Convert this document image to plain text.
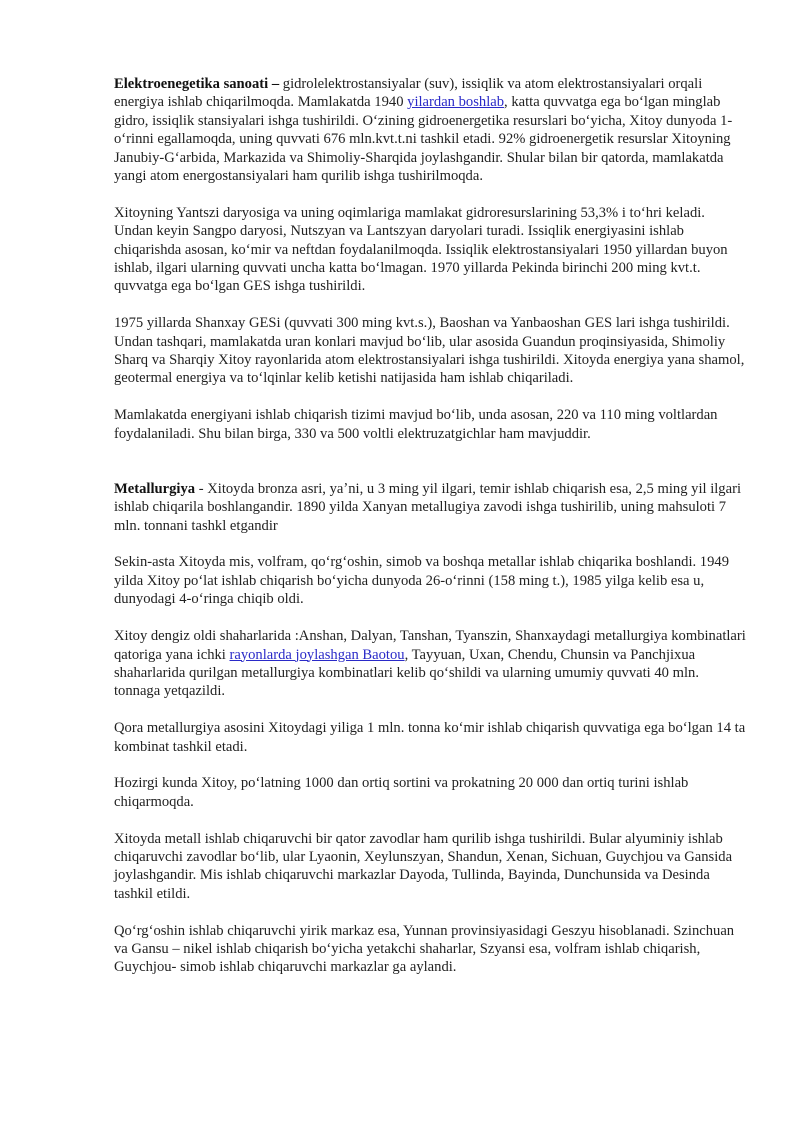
Elektroenegetika sanoati – gidrolelektrostansiyalar (suv), issiqlik va atom elektrostansiyalari orqali energiya ishlab chiqarilmoqda. Mamlakatda 1940 yilardan boshlab, katta quvvatga ega boʻlgan minglab gidro, issiqlik stansiyalari ishga tushirildi. Oʻzining gidroenergetika resurslari boʻyicha, Xitoy dunyoda 1-oʻrinni egallamoqda, uning quvvati 676 mln.kvt.t.ni tashkil etadi. 92% gidroenergetik resurslar Xitoyning Janubiy-Gʻarbida, Markazida va Shimoliy-Sharqida joylashgandir. Shular bilan bir qatorda, mamlakatda yangi atom energostansiyalari ham qurilib ishga tushirilmoqda.

Xitoyning Yantszi daryosiga va uning oqimlariga mamlakat gidroresurslarining 53,3% i toʻhri keladi. Undan keyin Sangpo daryosi, Nutszyan va Lantszyan daryolari turadi. Issiqlik energiyasini ishlab chiqarishda asosan, koʻmir va neftdan foydalanilmoqda. Issiqlik elektrostansiyalari 1950 yillardan buyon ishlab, ilgari ularning quvvati uncha katta boʻlmagan. 1970 yillarda Pekinda birinchi 200 ming kvt.t. quvvatga ega boʻlgan GES ishga tushirildi.

1975 yillarda Shanxay GESi (quvvati 300 ming kvt.s.), Baoshan va Yanbaoshan GES lari ishga tushirildi. Undan tashqari, mamlakatda uran konlari mavjud boʻlib, ular asosida Guandun proqinsiyasida, Shimoliy Sharq va Sharqiy Xitoy rayonlarida atom elektrostansiyalari ishga tushirildi. Xitoyda energiya yana shamol, geotermal energiya va toʻlqinlar kelib ketishi natijasida ham ishlab chiqariladi.

Mamlakatda energiyani ishlab chiqarish tizimi mavjud boʻlib, unda asosan, 220 va 110 ming voltlardan foydalaniladi. Shu bilan birga, 330 va 500 voltli elektruzatgichlar ham mavjuddir.

Metallurgiya - Xitoyda bronza asri, yaʼni, u 3 ming yil ilgari, temir ishlab chiqarish esa, 2,5 ming yil ilgari ishlab chiqarila boshlangandir. 1890 yilda Xanyan metallugiya zavodi ishga tushirilib, uning mahsuloti 7 mln. tonnani tashkl etgandir

Sekin-asta Xitoyda mis, volfram, qoʻrgʻoshin, simob va boshqa metallar ishlab chiqarika boshlandi. 1949 yilda Xitoy poʻlat ishlab chiqarish boʻyicha dunyoda 26-oʻrinni (158 ming t.), 1985 yilga kelib esa u, dunyodagi 4-oʻringa chiqib oldi.

Xitoy dengiz oldi shaharlarida :Anshan, Dalyan, Tanshan, Tyanszin, Shanxaydagi metallurgiya kombinatlari qatoriga yana ichki rayonlarda joylashgan Baotou, Tayyuan, Uxan, Chendu, Chunsin va Panchjixua shaharlarida qurilgan metallurgiya kombinatlari kelib qoʻshildi va ularning umumiy quvvati 40 mln. tonnaga yetqazildi.

Qora metallurgiya asosini Xitoydagi yiliga 1 mln. tonna koʻmir ishlab chiqarish quvvatiga ega boʻlgan 14 ta kombinat tashkil etadi.

Hozirgi kunda Xitoy, poʻlatning 1000 dan ortiq sortini va prokatning 20 000 dan ortiq turini ishlab chiqarmoqda.

Xitoyda metall ishlab chiqaruvchi bir qator zavodlar ham qurilib ishga tushirildi. Bular alyuminiy ishlab chiqaruvchi zavodlar boʻlib, ular Lyaonin, Xeylunszyan, Shandun, Xenan, Sichuan, Guychjou va Gansida joylashgandir. Mis ishlab chiqaruvchi markazlar Dayoda, Tullinda, Bayinda, Dunchunsida va Desinda tashkil etildi.

Qoʻrgʻoshin ishlab chiqaruvchi yirik markaz esa, Yunnan provinsiyasidagi Geszyu hisoblanadi. Szinchuan va Gansu – nikel ishlab chiqarish boʻyicha yetakchi shaharlar, Szyansi esa, volfram ishlab chiqarish, Guychjou- simob ishlab chiqaruvchi markazlar ga aylandi.
